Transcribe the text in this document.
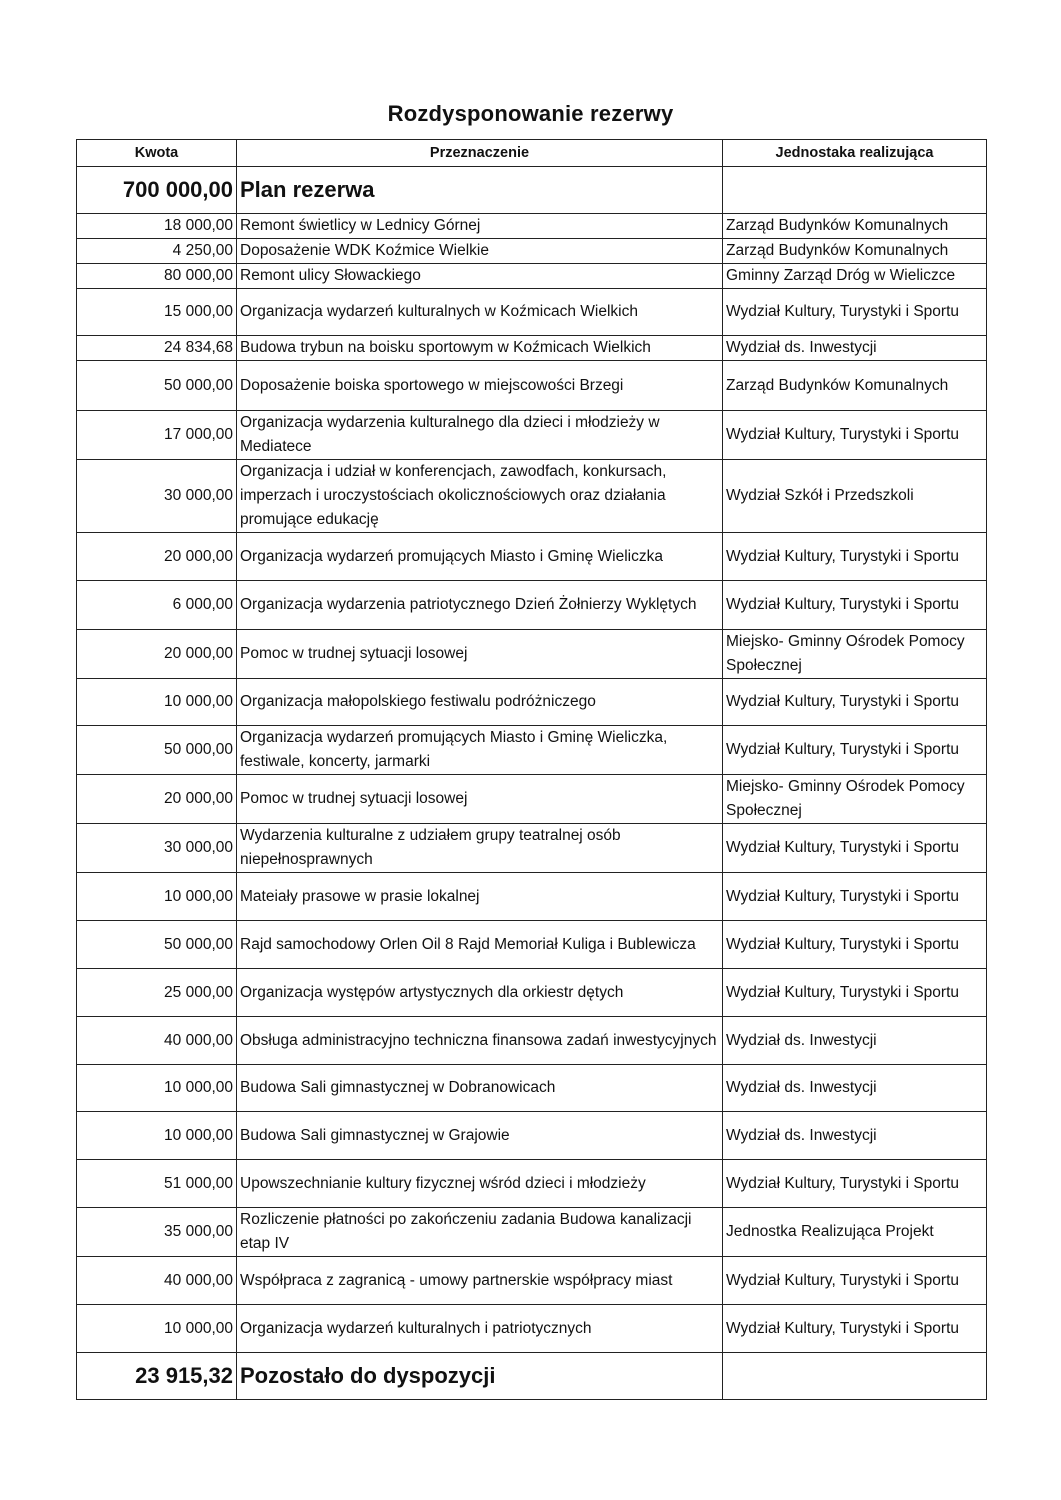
Rozdysponowanie rezerwy
Kwota	Przeznaczenie	Jednostaka realizująca
700 000,00	Plan rezerwa	
18 000,00	Remont świetlicy w Lednicy Górnej	Zarząd Budynków Komunalnych
4 250,00	Doposażenie WDK Koźmice Wielkie	Zarząd Budynków Komunalnych
80 000,00	Remont ulicy Słowackiego	Gminny Zarząd Dróg w Wieliczce
15 000,00	Organizacja wydarzeń kulturalnych w Koźmicach Wielkich	Wydział Kultury, Turystyki i Sportu
24 834,68	Budowa trybun na boisku sportowym w Koźmicach Wielkich	Wydział ds. Inwestycji
50 000,00	Doposażenie boiska sportowego w miejscowości Brzegi	Zarząd Budynków Komunalnych
17 000,00	Organizacja wydarzenia kulturalnego dla dzieci i młodzieży w Mediatece	Wydział Kultury, Turystyki i Sportu
30 000,00	Organizacja i udział w konferencjach, zawodfach, konkursach, imperzach i uroczystościach okolicznościowych oraz działania promujące edukację	Wydział Szkół i Przedszkoli
20 000,00	Organizacja wydarzeń promujących Miasto i Gminę Wieliczka	Wydział Kultury, Turystyki i Sportu
6 000,00	Organizacja wydarzenia patriotycznego Dzień Żołnierzy Wyklętych	Wydział Kultury, Turystyki i Sportu
20 000,00	Pomoc w trudnej sytuacji losowej	Miejsko- Gminny Ośrodek Pomocy Społecznej
10 000,00	Organizacja małopolskiego festiwalu podróżniczego	Wydział Kultury, Turystyki i Sportu
50 000,00	Organizacja wydarzeń promujących Miasto i Gminę Wieliczka, festiwale, koncerty, jarmarki	Wydział Kultury, Turystyki i Sportu
20 000,00	Pomoc w trudnej sytuacji losowej	Miejsko- Gminny Ośrodek Pomocy Społecznej
30 000,00	Wydarzenia kulturalne z udziałem grupy teatralnej osób niepełnosprawnych	Wydział Kultury, Turystyki i Sportu
10 000,00	Mateiały prasowe w prasie lokalnej	Wydział Kultury, Turystyki i Sportu
50 000,00	Rajd samochodowy Orlen Oil 8 Rajd Memoriał Kuliga i Bublewicza	Wydział Kultury, Turystyki i Sportu
25 000,00	Organizacja występów artystycznych dla orkiestr dętych	Wydział Kultury, Turystyki i Sportu
40 000,00	Obsługa administracyjno techniczna finansowa zadań inwestycyjnych	Wydział ds. Inwestycji
10 000,00	Budowa Sali gimnastycznej w Dobranowicach	Wydział ds. Inwestycji
10 000,00	Budowa Sali gimnastycznej w Grajowie	Wydział ds. Inwestycji
51 000,00	Upowszechnianie kultury fizycznej wśród dzieci i młodzieży	Wydział Kultury, Turystyki i Sportu
35 000,00	Rozliczenie płatności po zakończeniu zadania Budowa kanalizacji etap IV	Jednostka Realizująca Projekt
40 000,00	Współpraca z zagranicą - umowy partnerskie współpracy miast	Wydział Kultury, Turystyki i Sportu
10 000,00	Organizacja wydarzeń kulturalnych i patriotycznych	Wydział Kultury, Turystyki i Sportu
23 915,32	Pozostało do dyspozycji	
